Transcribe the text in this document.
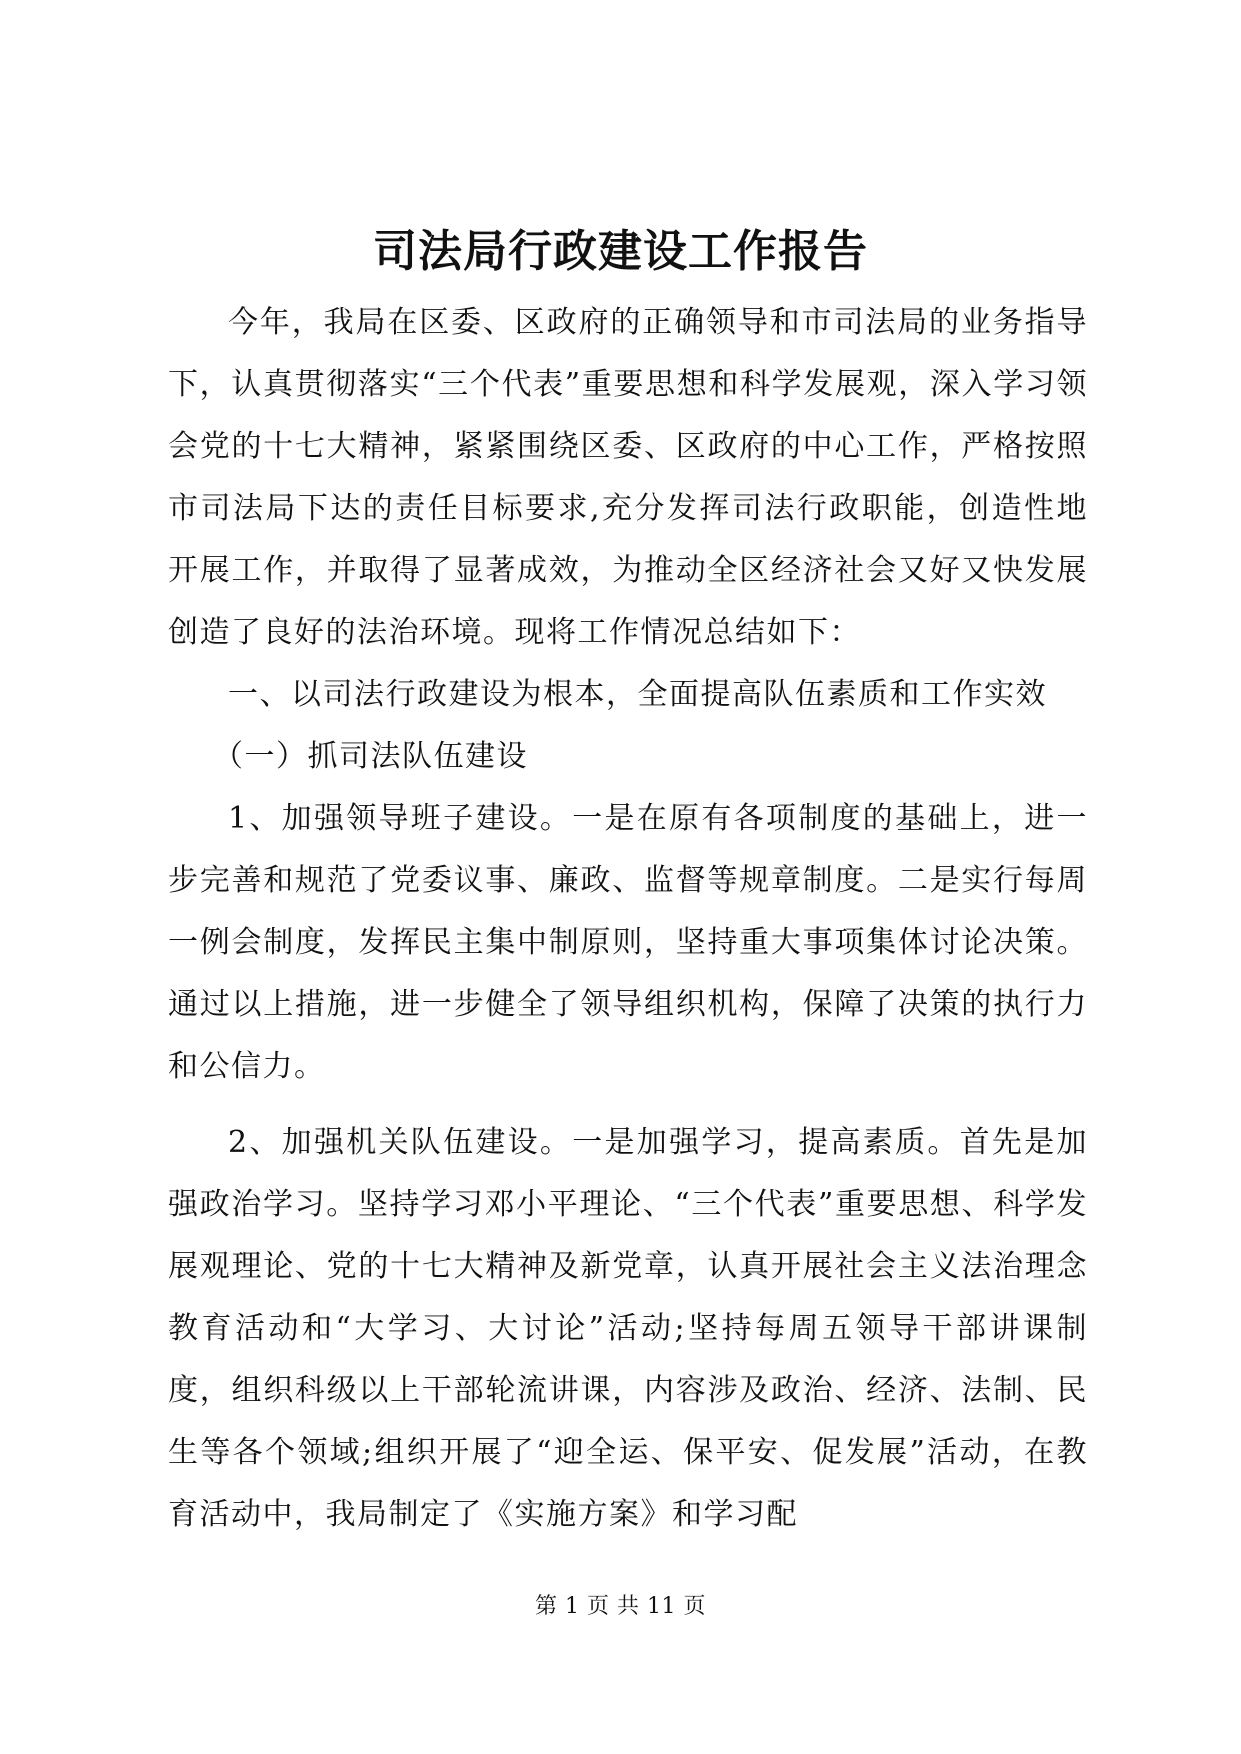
司法局行政建设工作报告

今年，我局在区委、区政府的正确领导和市司法局的业务指导下，认真贯彻落实“三个代表”重要思想和科学发展观，深入学习领会党的十七大精神，紧紧围绕区委、区政府的中心工作，严格按照市司法局下达的责任目标要求,充分发挥司法行政职能，创造性地开展工作，并取得了显著成效，为推动全区经济社会又好又快发展创造了良好的法治环境。现将工作情况总结如下：

一、以司法行政建设为根本，全面提高队伍素质和工作实效

（一）抓司法队伍建设

1、加强领导班子建设。一是在原有各项制度的基础上，进一步完善和规范了党委议事、廉政、监督等规章制度。二是实行每周一例会制度，发挥民主集中制原则，坚持重大事项集体讨论决策。通过以上措施，进一步健全了领导组织机构，保障了决策的执行力和公信力。

2、加强机关队伍建设。一是加强学习，提高素质。首先是加强政治学习。坚持学习邓小平理论、“三个代表”重要思想、科学发展观理论、党的十七大精神及新党章，认真开展社会主义法治理念教育活动和“大学习、大讨论”活动;坚持每周五领导干部讲课制度，组织科级以上干部轮流讲课，内容涉及政治、经济、法制、民生等各个领域;组织开展了“迎全运、保平安、促发展”活动，在教育活动中，我局制定了《实施方案》和学习配

第 1 页 共 11 页
